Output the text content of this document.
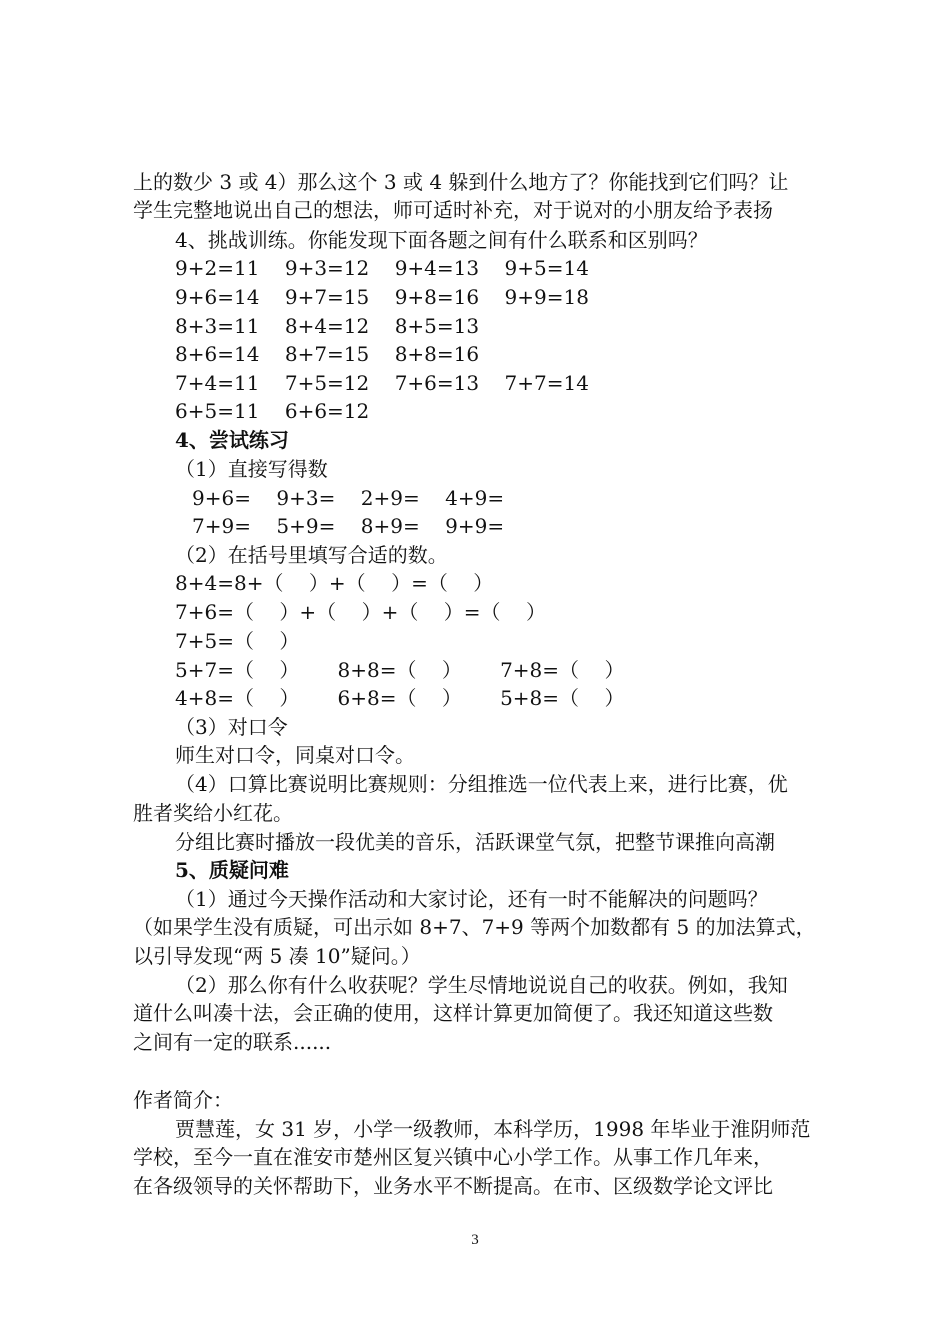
上的数少 3 或 4）那么这个 3 或 4 躲到什么地方了？你能找到它们吗？让
学生完整地说出自己的想法，师可适时补充，对于说对的小朋友给予表扬
4、挑战训练。你能发现下面各题之间有什么联系和区别吗？
9+2=11    9+3=12    9+4=13    9+5=14
9+6=14    9+7=15    9+8=16    9+9=18
8+3=11    8+4=12    8+5=13
8+6=14    8+7=15    8+8=16
7+4=11    7+5=12    7+6=13    7+7=14
6+5=11    6+6=12
4、尝试练习
（1）直接写得数
9+6=    9+3=    2+9=    4+9=
7+9=    5+9=    8+9=    9+9=
（2）在括号里填写合适的数。
8+4=8+（    ）+（    ）=（    ）
7+6=（    ）+（    ）+（    ）=（    ）
7+5=（    ）
5+7=（    ）      8+8=（    ）      7+8=（    ）
4+8=（    ）      6+8=（    ）      5+8=（    ）
（3）对口令
师生对口令，同桌对口令。
（4）口算比赛说明比赛规则：分组推选一位代表上来，进行比赛，优
胜者奖给小红花。
分组比赛时播放一段优美的音乐，活跃课堂气氛，把整节课推向高潮
5、质疑问难
（1）通过今天操作活动和大家讨论，还有一时不能解决的问题吗？
（如果学生没有质疑，可出示如 8+7、7+9 等两个加数都有 5 的加法算式，
以引导发现“两 5 凑 10”疑问。）
（2）那么你有什么收获呢？学生尽情地说说自己的收获。例如，我知
道什么叫凑十法，会正确的使用，这样计算更加简便了。我还知道这些数
之间有一定的联系......
作者简介：
贾慧莲，女 31 岁，小学一级教师，本科学历，1998 年毕业于淮阴师范
学校，至今一直在淮安市楚州区复兴镇中心小学工作。从事工作几年来，
在各级领导的关怀帮助下，业务水平不断提高。在市、区级数学论文评比
3
